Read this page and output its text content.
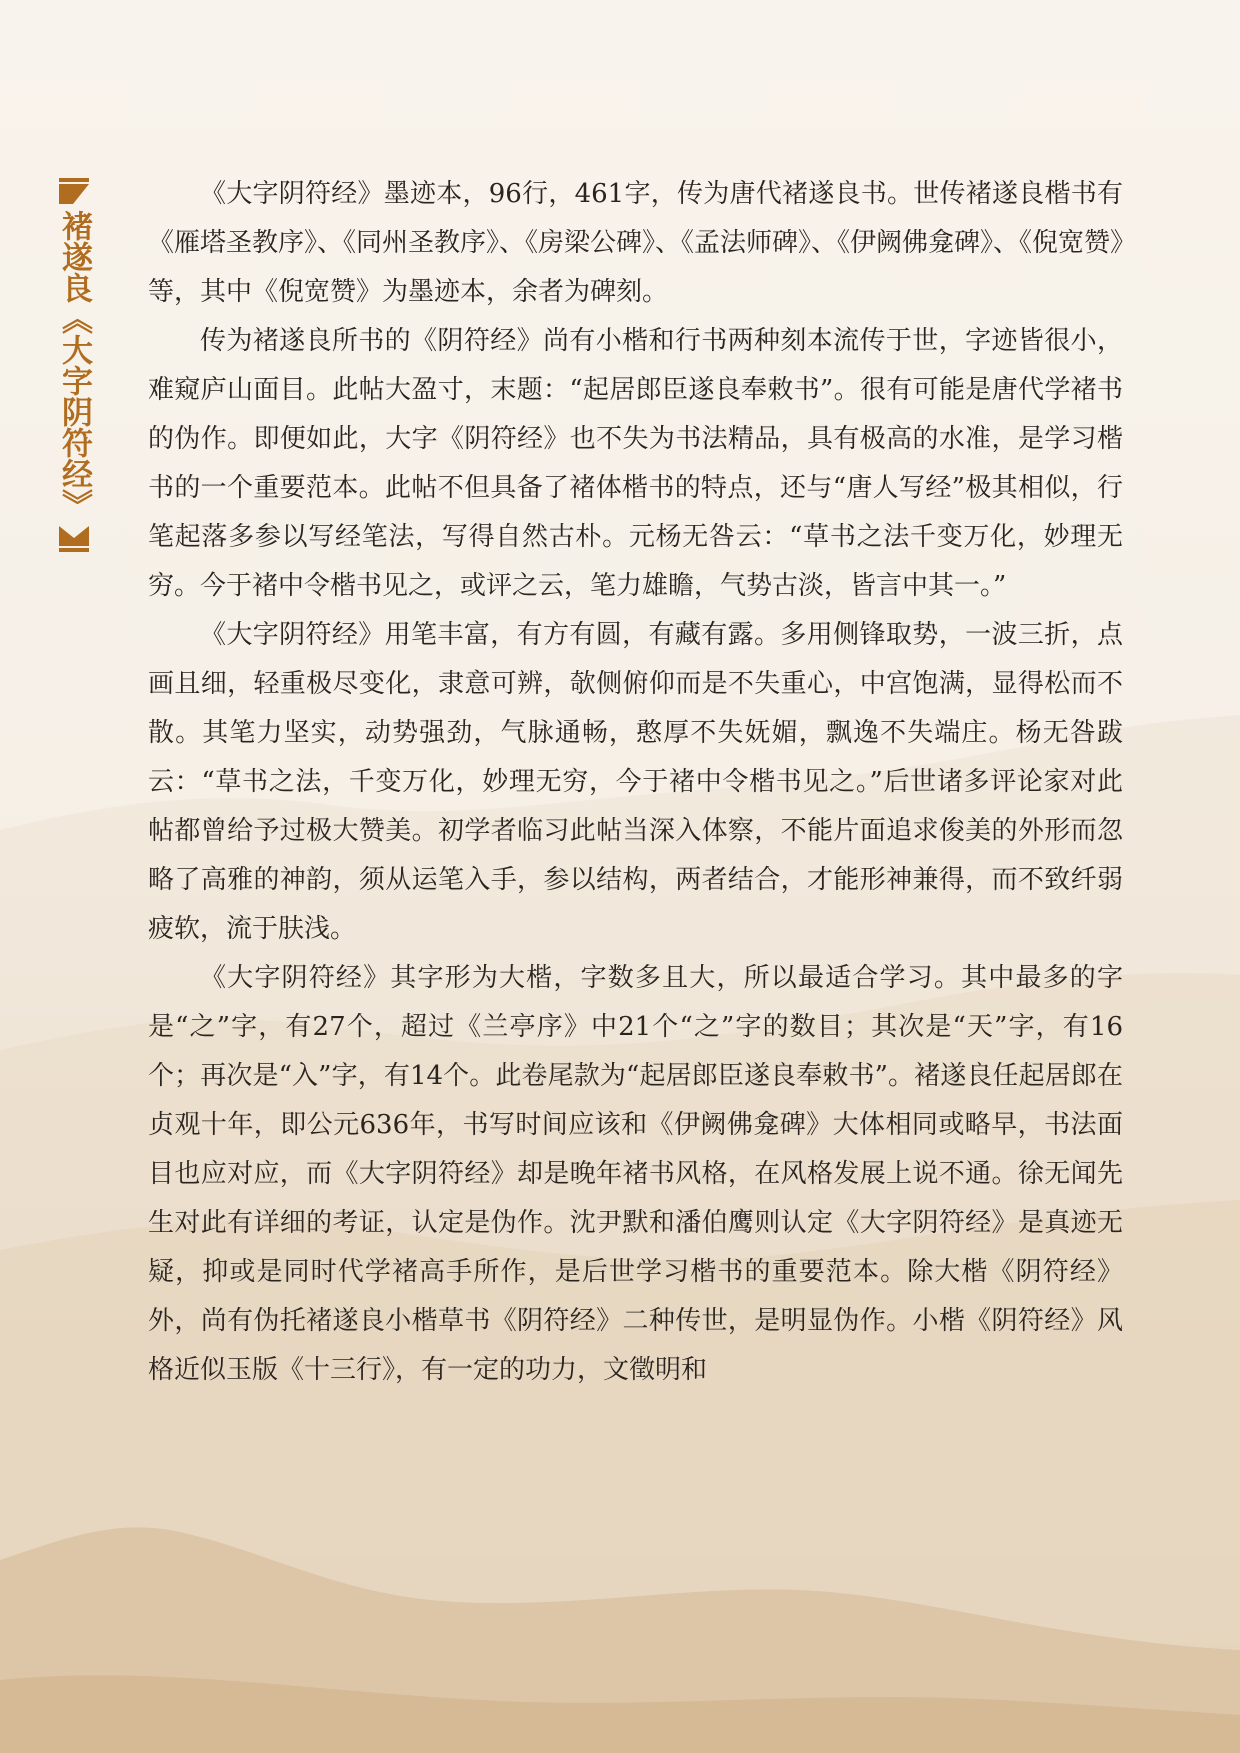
褚遂良《大字阴符经》

《大字阴符经》墨迹本，96行，461字，传为唐代褚遂良书。世传褚遂良楷书有《雁塔圣教序》、《同州圣教序》、《房梁公碑》、《孟法师碑》、《伊阙佛龛碑》、《倪宽赞》等，其中《倪宽赞》为墨迹本，余者为碑刻。

传为褚遂良所书的《阴符经》尚有小楷和行书两种刻本流传于世，字迹皆很小，难窥庐山面目。此帖大盈寸，末题：“起居郎臣遂良奉敕书”。很有可能是唐代学褚书的伪作。即便如此，大字《阴符经》也不失为书法精品，具有极高的水准，是学习楷书的一个重要范本。此帖不但具备了褚体楷书的特点，还与“唐人写经”极其相似，行笔起落多参以写经笔法，写得自然古朴。元杨无咎云：“草书之法千变万化，妙理无穷。今于褚中令楷书见之，或评之云，笔力雄瞻，气势古淡，皆言中其一。”

《大字阴符经》用笔丰富，有方有圆，有藏有露。多用侧锋取势，一波三折，点画且细，轻重极尽变化，隶意可辨，欹侧俯仰而是不失重心，中宫饱满，显得松而不散。其笔力坚实，动势强劲，气脉通畅，憨厚不失妩媚，飘逸不失端庄。杨无咎跋云：“草书之法，千变万化，妙理无穷，今于褚中令楷书见之。”后世诸多评论家对此帖都曾给予过极大赞美。初学者临习此帖当深入体察，不能片面追求俊美的外形而忽略了高雅的神韵，须从运笔入手，参以结构，两者结合，才能形神兼得，而不致纤弱疲软，流于肤浅。

《大字阴符经》其字形为大楷，字数多且大，所以最适合学习。其中最多的字是“之”字，有27个，超过《兰亭序》中21个“之”字的数目；其次是“天”字，有16个；再次是“入”字，有14个。此卷尾款为“起居郎臣遂良奉敕书”。褚遂良任起居郎在贞观十年，即公元636年，书写时间应该和《伊阙佛龛碑》大体相同或略早，书法面目也应对应，而《大字阴符经》却是晚年褚书风格，在风格发展上说不通。徐无闻先生对此有详细的考证，认定是伪作。沈尹默和潘伯鹰则认定《大字阴符经》是真迹无疑，抑或是同时代学褚高手所作，是后世学习楷书的重要范本。除大楷《阴符经》外，尚有伪托褚遂良小楷草书《阴符经》二种传世，是明显伪作。小楷《阴符经》风格近似玉版《十三行》，有一定的功力，文徵明和
